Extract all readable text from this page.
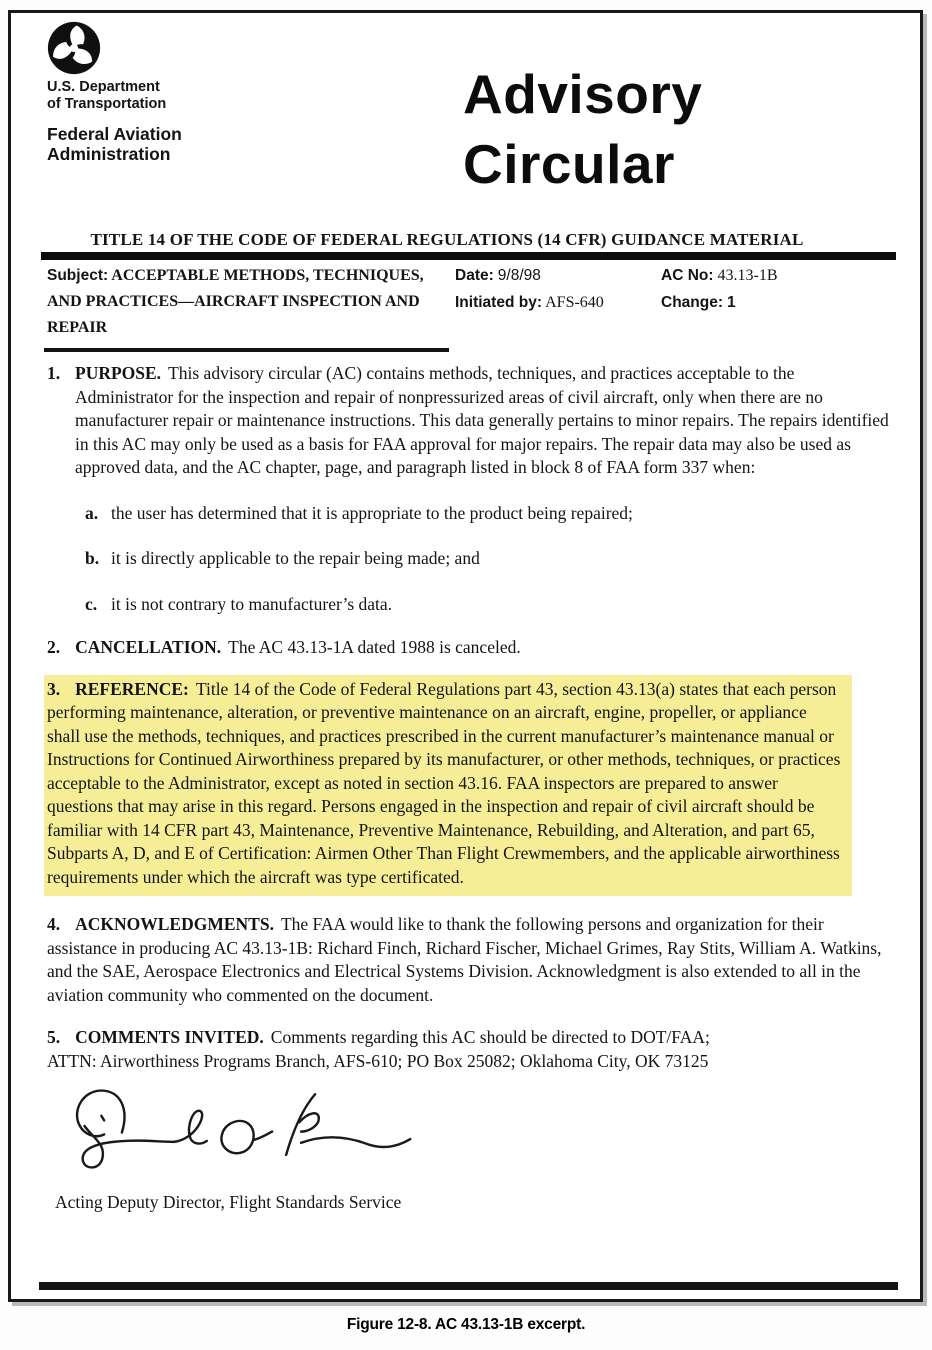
U.S. Department
of Transportation
Federal Aviation
Administration
Advisory
Circular
TITLE 14 OF THE CODE OF FEDERAL REGULATIONS (14 CFR) GUIDANCE MATERIAL
Subject: ACCEPTABLE METHODS, TECHNIQUES, AND PRACTICES—AIRCRAFT INSPECTION AND REPAIR
Date: 9/8/98
Initiated by: AFS-640
AC No: 43.13-1B
Change: 1
1. PURPOSE. This advisory circular (AC) contains methods, techniques, and practices acceptable to the Administrator for the inspection and repair of nonpressurized areas of civil aircraft, only when there are no manufacturer repair or maintenance instructions. This data generally pertains to minor repairs. The repairs identified in this AC may only be used as a basis for FAA approval for major repairs. The repair data may also be used as approved data, and the AC chapter, page, and paragraph listed in block 8 of FAA form 337 when:
a. the user has determined that it is appropriate to the product being repaired;
b. it is directly applicable to the repair being made; and
c. it is not contrary to manufacturer’s data.
2. CANCELLATION. The AC 43.13-1A dated 1988 is canceled.
3. REFERENCE: Title 14 of the Code of Federal Regulations part 43, section 43.13(a) states that each person performing maintenance, alteration, or preventive maintenance on an aircraft, engine, propeller, or appliance shall use the methods, techniques, and practices prescribed in the current manufacturer’s maintenance manual or Instructions for Continued Airworthiness prepared by its manufacturer, or other methods, techniques, or practices acceptable to the Administrator, except as noted in section 43.16. FAA inspectors are prepared to answer questions that may arise in this regard. Persons engaged in the inspection and repair of civil aircraft should be familiar with 14 CFR part 43, Maintenance, Preventive Maintenance, Rebuilding, and Alteration, and part 65, Subparts A, D, and E of Certification: Airmen Other Than Flight Crewmembers, and the applicable airworthiness requirements under which the aircraft was type certificated.
4. ACKNOWLEDGMENTS. The FAA would like to thank the following persons and organization for their assistance in producing AC 43.13-1B: Richard Finch, Richard Fischer, Michael Grimes, Ray Stits, William A. Watkins, and the SAE, Aerospace Electronics and Electrical Systems Division. Acknowledgment is also extended to all in the aviation community who commented on the document.
5. COMMENTS INVITED. Comments regarding this AC should be directed to DOT/FAA;
ATTN: Airworthiness Programs Branch, AFS-610; PO Box 25082; Oklahoma City, OK 73125
Acting Deputy Director, Flight Standards Service
Figure 12-8. AC 43.13-1B excerpt.
